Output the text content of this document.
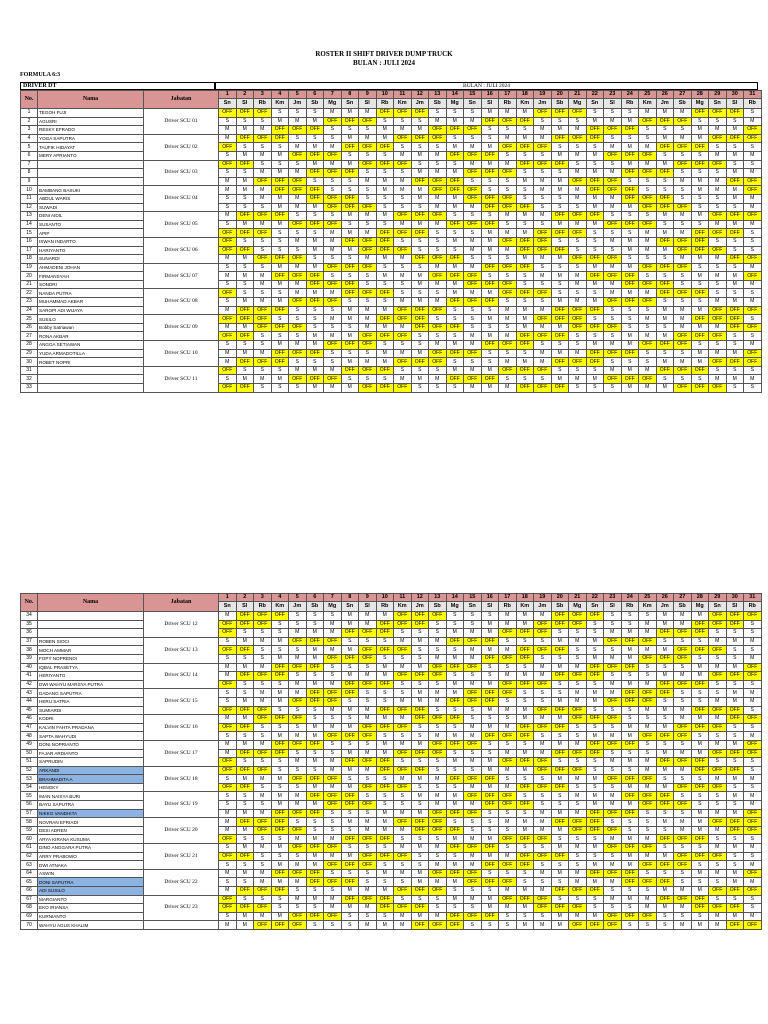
ROSTER II SHIFT DRIVER DUMP TRUCK
BULAN : JULI 2024
FORMULA 6:3
DRIVER DT	BULAN : JULI 2024
No.	Nama	Jabatan	1	2	3	4	5	6	7	8	9	10	11	12	13	14	15	16	17	18	19	20	21	22	23	24	25	26	27	28	29	30	31
			Sn	Sl	Rb	Km	Jm	Sb	Mg	Sn	Sl	Rb	Km	Jm	Sb	Mg	Sn	Sl	Rb	Km	Jm	Sb	Mg	Sn	Sl	Rb	Km	Jm	Sb	Mg	Sn	Sl	Rb
1	TEGOH FUJI	Driver SCU 01	OFF	OFF	OFF	S	S	S	M	M	M	OFF	OFF	OFF	S	S	S	M	M	M	OFF	OFF	OFF	S	S	S	M	M	M	OFF	OFF	OFF	S
2	AGUSRI		S	S	S	M	M	M	OFF	OFF	OFF	S	S	S	M	M	M	OFF	OFF	OFF	S	S	S	M	M	M	OFF	OFF	OFF	S	S	S	M
3	RESKY EFRADO		M	M	M	OFF	OFF	OFF	S	S	S	M	M	M	OFF	OFF	OFF	S	S	S	M	M	M	OFF	OFF	OFF	S	S	S	M	M	M	OFF
4	YOGA SAPUTRA	Driver SCU 02	M	OFF	OFF	OFF	S	S	S	M	M	M	OFF	OFF	OFF	S	S	S	M	M	M	OFF	OFF	OFF	S	S	S	M	M	M	OFF	OFF	OFF
5	TAUFIK HIDAYAT		OFF	S	S	S	M	M	M	OFF	OFF	OFF	S	S	S	M	M	M	OFF	OFF	OFF	S	S	S	M	M	M	OFF	OFF	OFF	S	S	S
6	MERY APRIANTO		S	M	M	M	OFF	OFF	OFF	S	S	S	M	M	M	OFF	OFF	OFF	S	S	S	M	M	M	OFF	OFF	OFF	S	S	S	M	M	M
7		Driver SCU 03	OFF	OFF	S	S	S	M	M	M	OFF	OFF	OFF	S	S	S	M	M	M	OFF	OFF	OFF	S	S	S	M	M	M	OFF	OFF	OFF	S	S
8			S	S	M	M	M	OFF	OFF	OFF	S	S	S	M	M	M	OFF	OFF	OFF	S	S	S	M	M	M	OFF	OFF	OFF	S	S	S	M	M
9			M	M	OFF	OFF	OFF	S	S	S	M	M	M	OFF	OFF	OFF	S	S	S	M	M	M	OFF	OFF	OFF	S	S	S	M	M	M	OFF	OFF
10	BAMBANG BASUKI	Driver SCU 04	M	M	M	OFF	OFF	OFF	S	S	S	M	M	M	OFF	OFF	OFF	S	S	S	M	M	M	OFF	OFF	OFF	S	S	S	M	M	M	OFF
11	ABDUL WARIS		S	S	M	M	M	OFF	OFF	OFF	S	S	S	M	M	M	OFF	OFF	OFF	S	S	S	M	M	M	OFF	OFF	OFF	S	S	S	M	M
12	SUWADI		S	S	S	M	M	M	OFF	OFF	OFF	S	S	S	M	M	M	OFF	OFF	OFF	S	S	S	M	M	M	OFF	OFF	OFF	S	S	S	M
13	DENI AIDIL	Driver SCU 05	M	OFF	OFF	OFF	S	S	S	M	M	M	OFF	OFF	OFF	S	S	S	M	M	M	OFF	OFF	OFF	S	S	S	M	M	M	OFF	OFF	OFF
14	SUSANTO		S	M	M	M	OFF	OFF	OFF	S	S	S	M	M	M	OFF	OFF	OFF	S	S	S	M	M	M	OFF	OFF	OFF	S	S	S	M	M	M
15	APIP		OFF	OFF	OFF	S	S	S	M	M	M	OFF	OFF	OFF	S	S	S	M	M	M	OFF	OFF	OFF	S	S	S	M	M	M	OFF	OFF	OFF	S
16	ISWAN INDARTO	Driver SCU 06	OFF	S	S	S	M	M	M	OFF	OFF	OFF	S	S	S	M	M	M	OFF	OFF	OFF	S	S	S	M	M	M	OFF	OFF	OFF	S	S	S
17	HARIYANTO		OFF	OFF	S	S	S	M	M	M	OFF	OFF	OFF	S	S	S	M	M	M	OFF	OFF	OFF	S	S	S	M	M	M	OFF	OFF	OFF	S	S
18	SUNARDI		M	M	OFF	OFF	OFF	S	S	S	M	M	M	OFF	OFF	OFF	S	S	S	M	M	M	OFF	OFF	OFF	S	S	S	M	M	M	OFF	OFF
19	AHMADENI JOHAN	Driver SCU 07	S	S	S	M	M	M	OFF	OFF	OFF	S	S	S	M	M	M	OFF	OFF	OFF	S	S	S	M	M	M	OFF	OFF	OFF	S	S	S	M
20	FIRMANSYAH		M	M	M	OFF	OFF	OFF	S	S	S	M	M	M	OFF	OFF	OFF	S	S	S	M	M	M	OFF	OFF	OFF	S	S	S	M	M	M	OFF
21	SONDRI		S	S	M	M	M	OFF	OFF	OFF	S	S	S	M	M	M	OFF	OFF	OFF	S	S	S	M	M	M	OFF	OFF	OFF	S	S	S	M	M
22	NANDA PUTRA	Driver SCU 08	OFF	S	S	S	M	M	M	OFF	OFF	OFF	S	S	S	M	M	M	OFF	OFF	OFF	S	S	S	M	M	M	OFF	OFF	OFF	S	S	S
23	MUHAMMAD AKBAR		S	M	M	M	OFF	OFF	OFF	S	S	S	M	M	M	OFF	OFF	OFF	S	S	S	M	M	M	OFF	OFF	OFF	S	S	S	M	M	M
24	SAROPI ADI WIJAYA		M	OFF	OFF	OFF	S	S	S	M	M	M	OFF	OFF	OFF	S	S	S	M	M	M	OFF	OFF	OFF	S	S	S	M	M	M	OFF	OFF	OFF
25	SUSILO	Driver SCU 09	OFF	OFF	OFF	S	S	S	M	M	M	OFF	OFF	OFF	S	S	S	M	M	M	OFF	OFF	OFF	S	S	S	M	M	M	OFF	OFF	OFF	S
26	Bobby Satriawan		M	M	OFF	OFF	OFF	S	S	S	M	M	M	OFF	OFF	OFF	S	S	S	M	M	M	OFF	OFF	OFF	S	S	S	M	M	M	OFF	OFF
27	RONA AKBAR		OFF	OFF	S	S	S	M	M	M	OFF	OFF	OFF	S	S	S	M	M	M	OFF	OFF	OFF	S	S	S	M	M	M	OFF	OFF	OFF	S	S
28	ANGGA SETIAWAN	Driver SCU 10	S	S	S	M	M	M	OFF	OFF	OFF	S	S	S	M	M	M	OFF	OFF	OFF	S	S	S	M	M	M	OFF	OFF	OFF	S	S	S	M
29	YUDA ARMADOTILLA		M	M	M	OFF	OFF	OFF	S	S	S	M	M	M	OFF	OFF	OFF	S	S	S	M	M	M	OFF	OFF	OFF	S	S	S	M	M	M	OFF
30	ROBET NOPRI		M	OFF	OFF	OFF	S	S	S	M	M	M	OFF	OFF	OFF	S	S	S	M	M	M	OFF	OFF	OFF	S	S	S	M	M	M	OFF	OFF	OFF
31		Driver SCU 11	OFF	S	S	S	M	M	M	OFF	OFF	OFF	S	S	S	M	M	M	OFF	OFF	OFF	S	S	S	M	M	M	OFF	OFF	OFF	S	S	S
32			S	M	M	M	OFF	OFF	OFF	S	S	S	M	M	M	OFF	OFF	OFF	S	S	S	M	M	M	OFF	OFF	OFF	S	S	S	M	M	M
33			OFF	OFF	S	S	S	M	M	M	OFF	OFF	OFF	S	S	S	M	M	M	OFF	OFF	OFF	S	S	S	M	M	M	OFF	OFF	OFF	S	S
No.	Nama	Jabatan	1	2	3	4	5	6	7	8	9	10	11	12	13	14	15	16	17	18	19	20	21	22	23	24	25	26	27	28	29	30	31
			Sn	Sl	Rb	Km	Jm	Sb	Mg	Sn	Sl	Rb	Km	Jm	Sb	Mg	Sn	Sl	Rb	Km	Jm	Sb	Mg	Sn	Sl	Rb	Km	Jm	Sb	Mg	Sn	Sl	Rb
34		Driver SCU 12	M	OFF	OFF	OFF	S	S	S	M	M	M	OFF	OFF	OFF	S	S	S	M	M	M	OFF	OFF	OFF	S	S	S	M	M	M	OFF	OFF	OFF
35			OFF	OFF	OFF	S	S	S	M	M	M	OFF	OFF	OFF	S	S	S	M	M	M	OFF	OFF	OFF	S	S	S	M	M	M	OFF	OFF	OFF	S
36			OFF	S	S	S	M	M	M	OFF	OFF	OFF	S	S	S	M	M	M	OFF	OFF	OFF	S	S	S	M	M	M	OFF	OFF	OFF	S	S	S
37	ROBEN SIOCI	Driver SCU 13	S	M	M	M	OFF	OFF	OFF	S	S	S	M	M	M	OFF	OFF	OFF	S	S	S	M	M	M	OFF	OFF	OFF	S	S	S	M	M	M
38	MOCH AMMAR		OFF	OFF	S	S	S	M	M	M	OFF	OFF	OFF	S	S	S	M	M	M	OFF	OFF	OFF	S	S	S	M	M	M	OFF	OFF	OFF	S	S
39	FOPY NOPRENDI		S	S	S	M	M	M	OFF	OFF	OFF	S	S	S	M	M	M	OFF	OFF	OFF	S	S	S	M	M	M	OFF	OFF	OFF	S	S	S	M
40	IQBAL PRASETYA	Driver SCU 14	M	M	M	OFF	OFF	OFF	S	S	S	M	M	M	OFF	OFF	OFF	S	S	S	M	M	M	OFF	OFF	OFF	S	S	S	M	M	M	OFF
41	HERIYANTO		M	OFF	OFF	OFF	S	S	S	M	M	M	OFF	OFF	OFF	S	S	S	M	M	M	OFF	OFF	OFF	S	S	S	M	M	M	OFF	OFF	OFF
42	DWI WAHYU MARSYA PUTRA		OFF	S	S	S	M	M	M	OFF	OFF	OFF	S	S	S	M	M	M	OFF	OFF	OFF	S	S	S	M	M	M	OFF	OFF	OFF	S	S	S
43	DADANG SAPUTRA	Driver SCU 15	S	S	M	M	M	OFF	OFF	OFF	S	S	S	M	M	M	OFF	OFF	OFF	S	S	S	M	M	M	OFF	OFF	OFF	S	S	S	M	M
44	HERU SATRIA		S	M	M	M	OFF	OFF	OFF	S	S	S	M	M	M	OFF	OFF	OFF	S	S	S	M	M	M	OFF	OFF	OFF	S	S	S	M	M	M
45	SUMIARDI		OFF	OFF	OFF	S	S	S	M	M	M	OFF	OFF	OFF	S	S	S	M	M	M	OFF	OFF	OFF	S	S	S	M	M	M	OFF	OFF	OFF	S
46	KODRI	Driver SCU 16	M	M	OFF	OFF	OFF	S	S	S	M	M	M	OFF	OFF	OFF	S	S	S	M	M	M	OFF	OFF	OFF	S	S	S	M	M	M	OFF	OFF
47	KALVIN FAHTA PRADANA		OFF	OFF	S	S	S	M	M	M	OFF	OFF	OFF	S	S	S	M	M	M	OFF	OFF	OFF	S	S	S	M	M	M	OFF	OFF	OFF	S	S
48	SAPTA WAHYUDI		S	S	S	M	M	M	OFF	OFF	OFF	S	S	S	M	M	M	OFF	OFF	OFF	S	S	S	M	M	M	OFF	OFF	OFF	S	S	S	M
49	DONI NOPRIANTO	Driver SCU 17	M	M	M	OFF	OFF	OFF	S	S	S	M	M	M	OFF	OFF	OFF	S	S	S	M	M	M	OFF	OFF	OFF	S	S	S	M	M	M	OFF
50	FAJAR ARDIANTO		M	OFF	OFF	OFF	S	S	S	M	M	M	OFF	OFF	OFF	S	S	S	M	M	M	OFF	OFF	OFF	S	S	S	M	M	M	OFF	OFF	OFF
51	SAPRUDIN		OFF	S	S	S	M	M	M	OFF	OFF	OFF	S	S	S	M	M	M	OFF	OFF	OFF	S	S	S	M	M	M	OFF	OFF	OFF	S	S	S
52	ARKANDI	Driver SCU 18	OFF	OFF	OFF	S	S	S	M	M	M	OFF	OFF	OFF	S	S	S	M	M	M	OFF	OFF	OFF	S	S	S	M	M	M	OFF	OFF	OFF	S
53	BRAHMADITA A		S	M	M	M	OFF	OFF	OFF	S	S	S	M	M	M	OFF	OFF	OFF	S	S	S	M	M	M	OFF	OFF	OFF	S	S	S	M	M	M
54	HENGKY		OFF	OFF	S	S	S	M	M	M	OFF	OFF	OFF	S	S	S	M	M	M	OFF	OFF	OFF	S	S	S	M	M	M	OFF	OFF	OFF	S	S
55	IMAN NAISYA BURI	Driver SCU 19	S	S	M	M	M	OFF	OFF	OFF	S	S	S	M	M	M	OFF	OFF	OFF	S	S	S	M	M	M	OFF	OFF	OFF	S	S	S	M	M
56	BAYU SAPUTRA		S	S	S	M	M	M	OFF	OFF	OFF	S	S	S	M	M	M	OFF	OFF	OFF	S	S	S	M	M	M	OFF	OFF	OFF	S	S	S	M
57	NIKKO VANDHITA		M	M	M	OFF	OFF	OFF	S	S	S	M	M	M	OFF	OFF	OFF	S	S	S	M	M	M	OFF	OFF	OFF	S	S	S	M	M	M	OFF
58	NOVRAN EFRIADI	Driver SCU 20	M	OFF	OFF	OFF	S	S	S	M	M	M	OFF	OFF	OFF	S	S	S	M	M	M	OFF	OFF	OFF	S	S	S	M	M	M	OFF	OFF	OFF
59	DESI ADREN		M	M	OFF	OFF	OFF	S	S	S	M	M	M	OFF	OFF	OFF	S	S	S	M	M	M	OFF	OFF	OFF	S	S	S	M	M	M	OFF	OFF
60	ARYA KIRANA KUSUMA		OFF	S	S	S	M	M	M	OFF	OFF	OFF	S	S	S	M	M	M	OFF	OFF	OFF	S	S	S	M	M	M	OFF	OFF	OFF	S	S	S
61	DINO ANGGARA PUTRA	Driver SCU 21	S	M	M	M	OFF	OFF	OFF	S	S	S	M	M	M	OFF	OFF	OFF	S	S	S	M	M	M	OFF	OFF	OFF	S	S	S	M	M	M
62	ARRY PRABOWO		OFF	OFF	S	S	S	M	M	M	OFF	OFF	OFF	S	S	S	M	M	M	OFF	OFF	OFF	S	S	S	M	M	M	OFF	OFF	OFF	S	S
63	DWI ATNAKA		S	S	S	M	M	M	OFF	OFF	OFF	S	S	S	M	M	M	OFF	OFF	OFF	S	S	S	M	M	M	OFF	OFF	OFF	S	S	S	M
64	ASWIN	Driver SCU 22	M	M	M	OFF	OFF	OFF	S	S	S	M	M	M	OFF	OFF	OFF	S	S	S	M	M	M	OFF	OFF	OFF	S	S	S	M	M	M	OFF
65	DONI SAPUTRA		S	S	M	M	M	OFF	OFF	OFF	S	S	S	M	M	M	OFF	OFF	OFF	S	S	S	M	M	M	OFF	OFF	OFF	S	S	S	M	M
66	ADI SUSILO		M	OFF	OFF	OFF	S	S	S	M	M	M	OFF	OFF	OFF	S	S	S	M	M	M	OFF	OFF	OFF	S	S	S	M	M	M	OFF	OFF	OFF
67	MARGIANTO	Driver SCU 23	OFF	S	S	S	M	M	M	OFF	OFF	OFF	S	S	S	M	M	M	OFF	OFF	OFF	S	S	S	M	M	M	OFF	OFF	OFF	S	S	S
68	EKO IRIANSA		OFF	OFF	OFF	S	S	S	M	M	M	OFF	OFF	OFF	S	S	S	M	M	M	OFF	OFF	OFF	S	S	S	M	M	M	OFF	OFF	OFF	S
69	KURNIANTO		S	M	M	M	OFF	OFF	OFF	S	S	S	M	M	M	OFF	OFF	OFF	S	S	S	M	M	M	OFF	OFF	OFF	S	S	S	M	M	M
70	WAHYU AGUS KHALIM		M	M	OFF	OFF	OFF	S	S	S	M	M	M	OFF	OFF	OFF	S	S	S	M	M	M	OFF	OFF	OFF	S	S	S	M	M	M	OFF	OFF
